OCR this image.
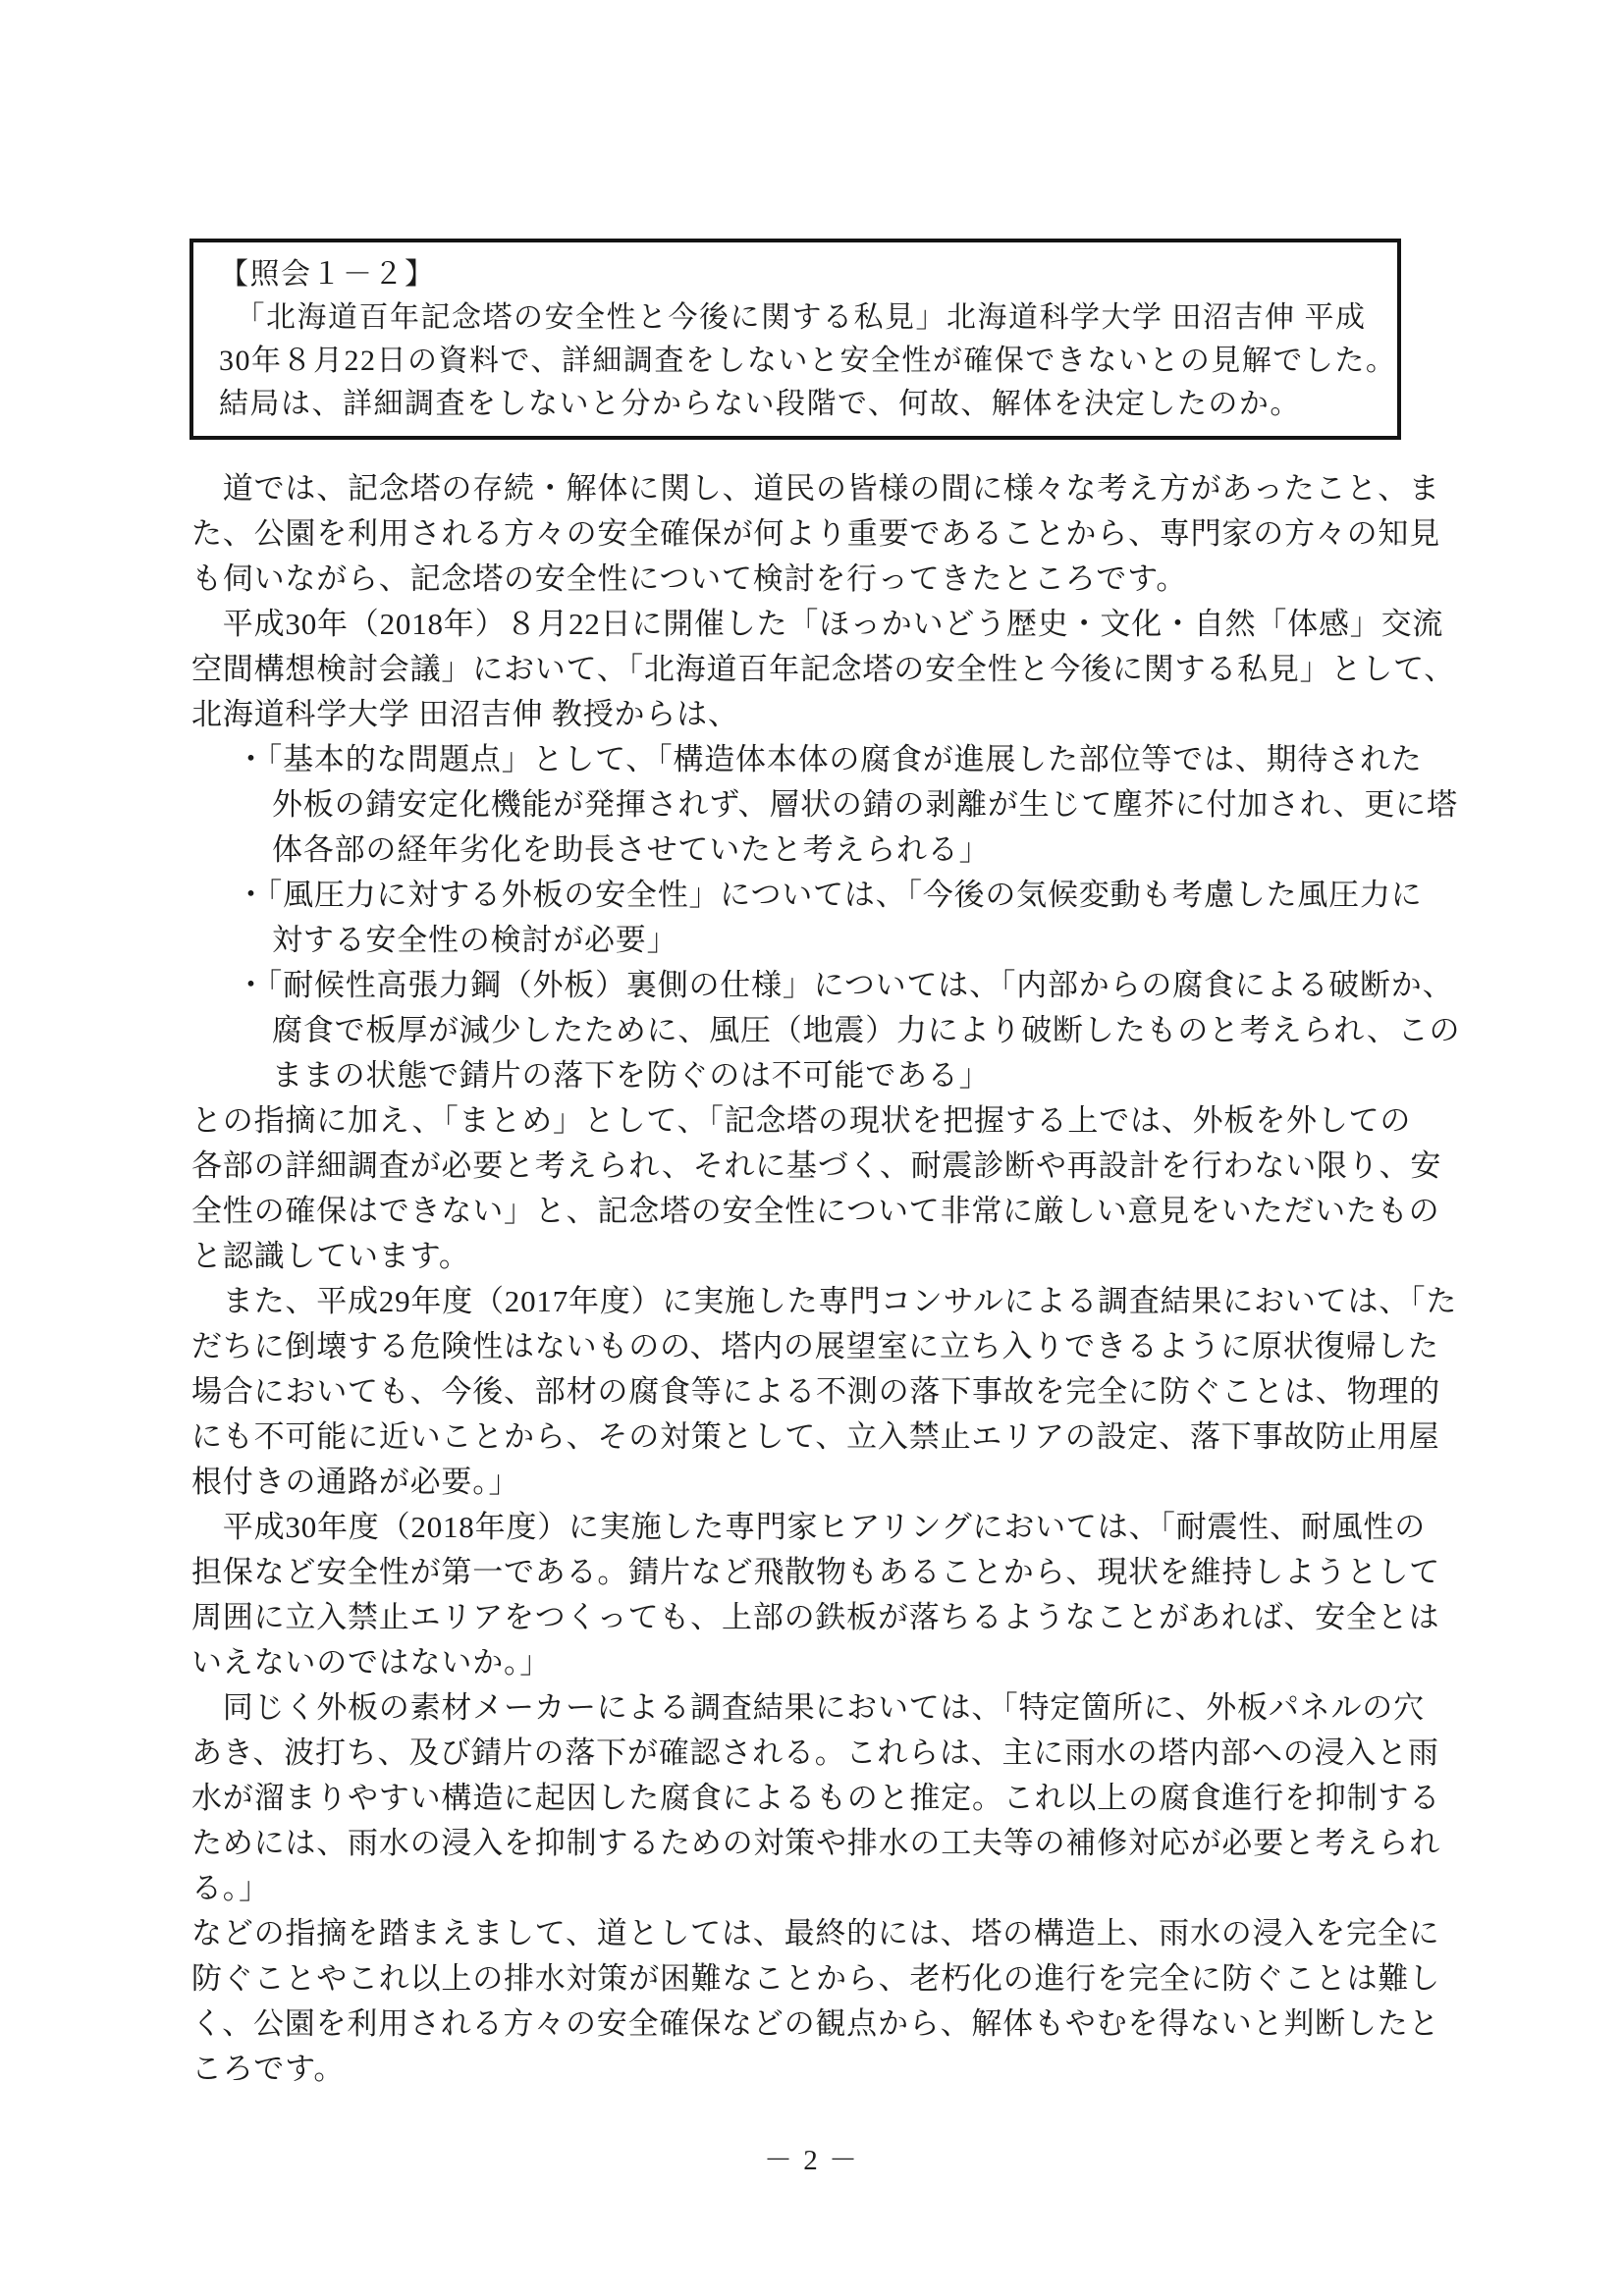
【照会１－２】
　「北海道百年記念塔の安全性と今後に関する私見」北海道科学大学 田沼吉伸 平成
30年８月22日の資料で、詳細調査をしないと安全性が確保できないとの見解でした。
結局は、詳細調査をしないと分からない段階で、何故、解体を決定したのか。
　道では、記念塔の存続・解体に関し、道民の皆様の間に様々な考え方があったこと、ま
た、公園を利用される方々の安全確保が何より重要であることから、専門家の方々の知見
も伺いながら、記念塔の安全性について検討を行ってきたところです。
　平成30年（2018年）８月22日に開催した「ほっかいどう歴史・文化・自然「体感」交流
空間構想検討会議」において、「北海道百年記念塔の安全性と今後に関する私見」として、
北海道科学大学 田沼吉伸 教授からは、
・「基本的な問題点」として、「構造体本体の腐食が進展した部位等では、期待された
外板の錆安定化機能が発揮されず、層状の錆の剥離が生じて塵芥に付加され、更に塔
体各部の経年劣化を助長させていたと考えられる」
・「風圧力に対する外板の安全性」については、「今後の気候変動も考慮した風圧力に
対する安全性の検討が必要」
・「耐候性高張力鋼（外板）裏側の仕様」については、「内部からの腐食による破断か、
腐食で板厚が減少したために、風圧（地震）力により破断したものと考えられ、この
ままの状態で錆片の落下を防ぐのは不可能である」
との指摘に加え、「まとめ」として、「記念塔の現状を把握する上では、外板を外しての
各部の詳細調査が必要と考えられ、それに基づく、耐震診断や再設計を行わない限り、安
全性の確保はできない」と、記念塔の安全性について非常に厳しい意見をいただいたもの
と認識しています。
　また、平成29年度（2017年度）に実施した専門コンサルによる調査結果においては、「た
だちに倒壊する危険性はないものの、塔内の展望室に立ち入りできるように原状復帰した
場合においても、今後、部材の腐食等による不測の落下事故を完全に防ぐことは、物理的
にも不可能に近いことから、その対策として、立入禁止エリアの設定、落下事故防止用屋
根付きの通路が必要。」
　平成30年度（2018年度）に実施した専門家ヒアリングにおいては、「耐震性、耐風性の
担保など安全性が第一である。錆片など飛散物もあることから、現状を維持しようとして
周囲に立入禁止エリアをつくっても、上部の鉄板が落ちるようなことがあれば、安全とは
いえないのではないか。」
　同じく外板の素材メーカーによる調査結果においては、「特定箇所に、外板パネルの穴
あき、波打ち、及び錆片の落下が確認される。これらは、主に雨水の塔内部への浸入と雨
水が溜まりやすい構造に起因した腐食によるものと推定。これ以上の腐食進行を抑制する
ためには、雨水の浸入を抑制するための対策や排水の工夫等の補修対応が必要と考えられ
る。」
などの指摘を踏まえまして、道としては、最終的には、塔の構造上、雨水の浸入を完全に
防ぐことやこれ以上の排水対策が困難なことから、老朽化の進行を完全に防ぐことは難し
く、公園を利用される方々の安全確保などの観点から、解体もやむを得ないと判断したと
ころです。
－ 2 －
